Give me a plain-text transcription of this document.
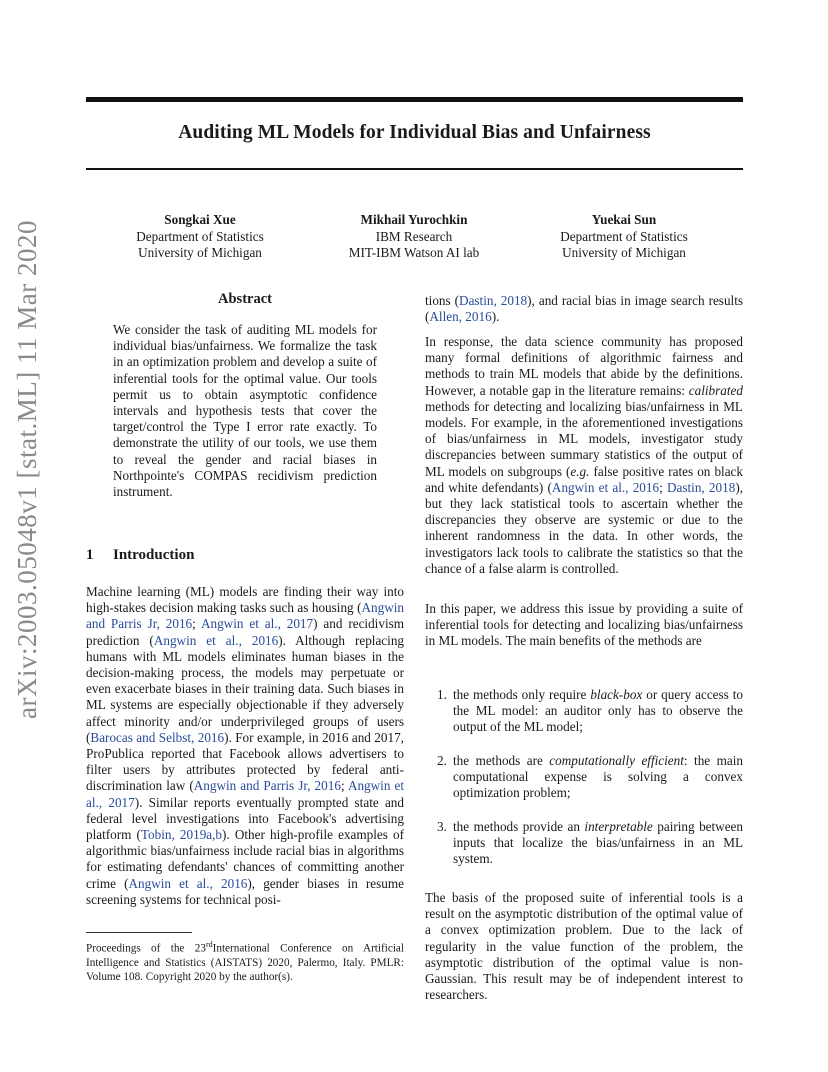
arXiv:2003.05048v1 [stat.ML] 11 Mar 2020
Auditing ML Models for Individual Bias and Unfairness
Songkai Xue
Department of Statistics
University of Michigan
Mikhail Yurochkin
IBM Research
MIT-IBM Watson AI lab
Yuekai Sun
Department of Statistics
University of Michigan
Abstract

We consider the task of auditing ML models for individual bias/unfairness. We formalize the task in an optimization problem and develop a suite of inferential tools for the optimal value. Our tools permit us to obtain asymptotic confidence intervals and hypothesis tests that cover the target/control the Type I error rate exactly. To demonstrate the utility of our tools, we use them to reveal the gender and racial biases in Northpointe's COMPAS recidivism prediction instrument.

1 Introduction

Machine learning (ML) models are finding their way into high-stakes decision making tasks such as housing (Angwin and Parris Jr, 2016; Angwin et al., 2017) and recidivism prediction (Angwin et al., 2016). Although replacing humans with ML models eliminates human biases in the decision-making process, the models may perpetuate or even exacerbate biases in their training data. Such biases in ML systems are especially objectionable if they adversely affect minority and/or underprivileged groups of users (Barocas and Selbst, 2016). For example, in 2016 and 2017, ProPublica reported that Facebook allows advertisers to filter users by attributes protected by federal anti-discrimination law (Angwin and Parris Jr, 2016; Angwin et al., 2017). Similar reports eventually prompted state and federal level investigations into Facebook's advertising platform (Tobin, 2019a,b). Other high-profile examples of algorithmic bias/unfairness include racial bias in algorithms for estimating defendants' chances of committing another crime (Angwin et al., 2016), gender biases in resume screening systems for technical posi-

Proceedings of the 23rdInternational Conference on Artificial Intelligence and Statistics (AISTATS) 2020, Palermo, Italy. PMLR: Volume 108. Copyright 2020 by the author(s).

tions (Dastin, 2018), and racial bias in image search results (Allen, 2016).

In response, the data science community has proposed many formal definitions of algorithmic fairness and methods to train ML models that abide by the definitions. However, a notable gap in the literature remains: calibrated methods for detecting and localizing bias/unfairness in ML models. For example, in the aforementioned investigations of bias/unfairness in ML models, investigator study discrepancies between summary statistics of the output of ML models on subgroups (e.g. false positive rates on black and white defendants) (Angwin et al., 2016; Dastin, 2018), but they lack statistical tools to ascertain whether the discrepancies they observe are systemic or due to the inherent randomness in the data. In other words, the investigators lack tools to calibrate the statistics so that the chance of a false alarm is controlled.

In this paper, we address this issue by providing a suite of inferential tools for detecting and localizing bias/unfairness in ML models. The main benefits of the methods are

1. the methods only require black-box or query access to the ML model: an auditor only has to observe the output of the ML model;

2. the methods are computationally efficient: the main computational expense is solving a convex optimization problem;

3. the methods provide an interpretable pairing between inputs that localize the bias/unfairness in an ML system.

The basis of the proposed suite of inferential tools is a result on the asymptotic distribution of the optimal value of a convex optimization problem. Due to the lack of regularity in the value function of the problem, the asymptotic distribution of the optimal value is non-Gaussian. This result may be of independent interest to researchers.
